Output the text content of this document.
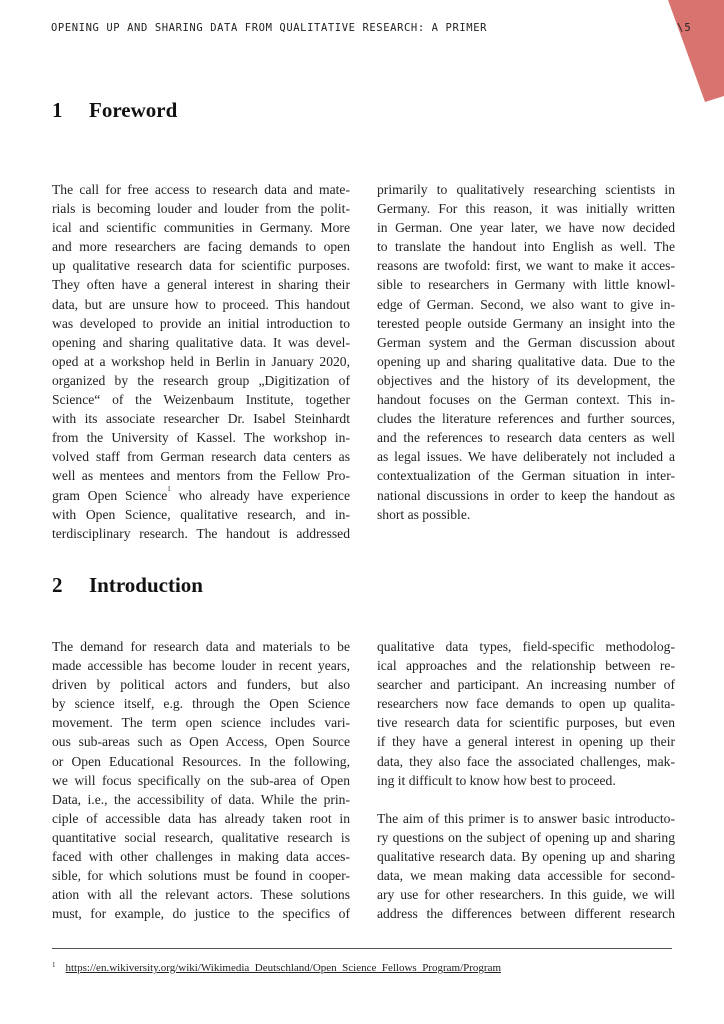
OPENING UP AND SHARING DATA FROM QUALITATIVE RESEARCH: A PRIMER	\ 5
1 Foreword
The call for free access to research data and mate-
rials is becoming louder and louder from the polit-
ical and scientific communities in Germany. More
and more researchers are facing demands to open
up qualitative research data for scientific purposes.
They often have a general interest in sharing their
data, but are unsure how to proceed. This handout
was developed to provide an initial introduction to
opening and sharing qualitative data. It was devel-
oped at a workshop held in Berlin in January 2020,
organized by the research group „Digitization of
Science“ of the Weizenbaum Institute, together
with its associate researcher Dr. Isabel Steinhardt
from the University of Kassel. The workshop in-
volved staff from German research data centers as
well as mentees and mentors from the Fellow Pro-
gram Open Science$^1$ who already have experience
with Open Science, qualitative research, and in-
terdisciplinary research. The handout is addressed
primarily to qualitatively researching scientists in
Germany. For this reason, it was initially written
in German. One year later, we have now decided
to translate the handout into English as well. The
reasons are twofold: first, we want to make it acces-
sible to researchers in Germany with little knowl-
edge of German. Second, we also want to give in-
terested people outside Germany an insight into the
German system and the German discussion about
opening up and sharing qualitative data. Due to the
objectives and the history of its development, the
handout focuses on the German context. This in-
cludes the literature references and further sources,
and the references to research data centers as well
as legal issues. We have deliberately not included a
contextualization of the German situation in inter-
national discussions in order to keep the handout as
short as possible.
2 Introduction
The demand for research data and materials to be
made accessible has become louder in recent years,
driven by political actors and funders, but also
by science itself, e.g. through the Open Science
movement. The term open science includes vari-
ous sub-areas such as Open Access, Open Source
or Open Educational Resources. In the following,
we will focus specifically on the sub-area of Open
Data, i.e., the accessibility of data. While the prin-
ciple of accessible data has already taken root in
quantitative social research, qualitative research is
faced with other challenges in making data acces-
sible, for which solutions must be found in cooper-
ation with all the relevant actors. These solutions
must, for example, do justice to the specifics of
qualitative data types, field-specific methodolog-
ical approaches and the relationship between re-
searcher and participant. An increasing number of
researchers now face demands to open up qualita-
tive research data for scientific purposes, but even
if they have a general interest in opening up their
data, they also face the associated challenges, mak-
ing it difficult to know how best to proceed.
The aim of this primer is to answer basic introducto-
ry questions on the subject of opening up and sharing
qualitative research data. By opening up and sharing
data, we mean making data accessible for second-
ary use for other researchers. In this guide, we will
address the differences between different research
$^1$ https://en.wikiversity.org/wiki/Wikimedia_Deutschland/Open_Science_Fellows_Program/Program
